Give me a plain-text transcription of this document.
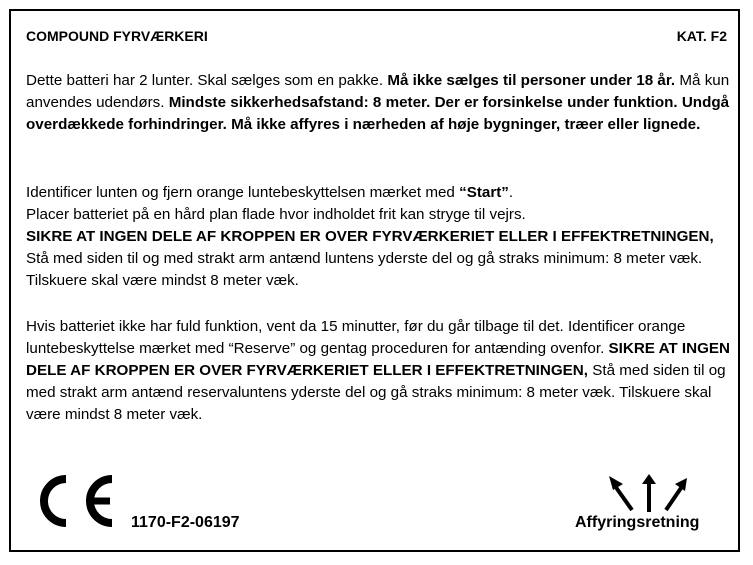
COMPOUND FYRVÆRKERI	KAT. F2

Dette batteri har 2 lunter. Skal sælges som en pakke. Må ikke sælges til personer under 18 år. Må kun anvendes udendørs. Mindste sikkerhedsafstand: 8 meter. Der er forsinkelse under funktion. Undgå overdækkede forhindringer. Må ikke affyres i nærheden af høje bygninger, træer eller lignede.

Identificer lunten og fjern orange luntebeskyttelsen mærket med “Start”.
Placer batteriet på en hård plan flade hvor indholdet frit kan stryge til vejrs.
SIKRE AT INGEN DELE AF KROPPEN ER OVER FYRVÆRKERIET ELLER I EFFEKTRETNINGEN, Stå med siden til og med strakt arm antænd luntens yderste del og gå straks minimum: 8 meter væk. Tilskuere skal være mindst 8 meter væk.

Hvis batteriet ikke har fuld funktion, vent da 15 minutter, før du går tilbage til det. Identificer orange luntebeskyttelse mærket med “Reserve” og gentag proceduren for antænding ovenfor. SIKRE AT INGEN DELE AF KROPPEN ER OVER FYRVÆRKERIET ELLER I EFFEKTRETNINGEN, Stå med siden til og med strakt arm antænd reservaluntens yderste del og gå straks minimum: 8 meter væk. Tilskuere skal være mindst 8 meter væk.

1170-F2-06197	Affyringsretning
